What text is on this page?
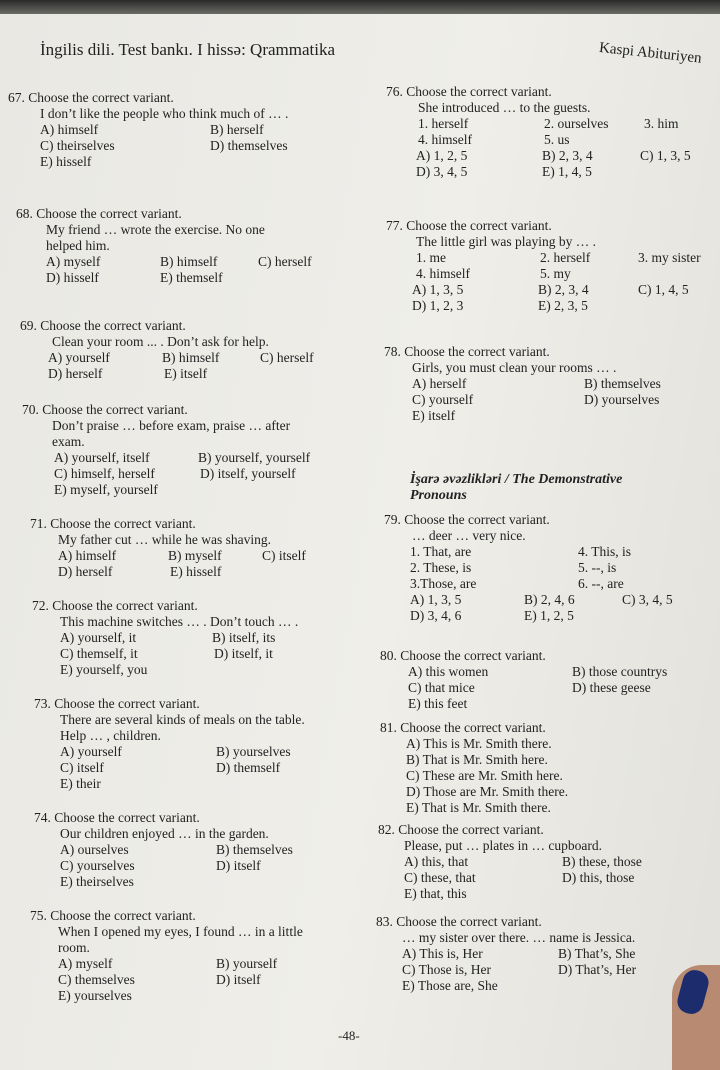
İngilis dili. Test bankı. I hissə: Qrammatika	Kaspi Abituriyen
67. Choose the correct variant.
I don’t like the people who think much of … .
A) himself	B) herself
C) theirselves	D) themselves
E) hisself
68. Choose the correct variant.
My friend … wrote the exercise. No one
helped him.
A) myself	B) himself	C) herself
D) hisself	E) themself
69. Choose the correct variant.
Clean your room ... . Don’t ask for help.
A) yourself	B) himself	C) herself
D) herself	E) itself
70. Choose the correct variant.
Don’t praise … before exam, praise … after
exam.
A) yourself, itself	B) yourself, yourself
C) himself, herself	D) itself, yourself
E) myself, yourself
71. Choose the correct variant.
My father cut … while he was shaving.
A) himself	B) myself	C) itself
D) herself	E) hisself
72. Choose the correct variant.
This machine switches … . Don’t touch … .
A) yourself, it	B) itself, its
C) themself, it	D) itself, it
E) yourself, you
73. Choose the correct variant.
There are several kinds of meals on the table.
Help … , children.
A) yourself	B) yourselves
C) itself	D) themself
E) their
74. Choose the correct variant.
Our children enjoyed … in the garden.
A) ourselves	B) themselves
C) yourselves	D) itself
E) theirselves
75. Choose the correct variant.
When I opened my eyes, I found … in a little
room.
A) myself	B) yourself
C) themselves	D) itself
E) yourselves
76. Choose the correct variant.
She introduced … to the guests.
1. herself	2. ourselves	3. him
4. himself	5. us
A) 1, 2, 5	B) 2, 3, 4	C) 1, 3, 5
D) 3, 4, 5	E) 1, 4, 5
77. Choose the correct variant.
The little girl was playing by … .
1. me	2. herself	3. my sister
4. himself	5. my
A) 1, 3, 5	B) 2, 3, 4	C) 1, 4, 5
D) 1, 2, 3	E) 2, 3, 5
78. Choose the correct variant.
Girls, you must clean your rooms … .
A) herself	B) themselves
C) yourself	D) yourselves
E) itself
79. Choose the correct variant.
… deer … very nice.
1. That, are	4. This, is
2. These, is	5. --, is
3.Those, are	6. --, are
A) 1, 3, 5	B) 2, 4, 6	C) 3, 4, 5
D) 3, 4, 6	E) 1, 2, 5
80. Choose the correct variant.
A) this women	B) those countrys
C) that mice	D) these geese
E) this feet
81. Choose the correct variant.
A) This is Mr. Smith there.
B) That is Mr. Smith here.
C) These are Mr. Smith here.
D) Those are Mr. Smith there.
E) That is Mr. Smith there.
82. Choose the correct variant.
Please, put … plates in … cupboard.
A) this, that	B) these, those
C) these, that	D) this, those
E) that, this
83. Choose the correct variant.
… my sister over there. … name is Jessica.
A) This is, Her	B) That’s, She
C) Those is, Her	D) That’s, Her
E) Those are, She
İşarə əvəzlikləri / The Demonstrative
Pronouns
-48-
